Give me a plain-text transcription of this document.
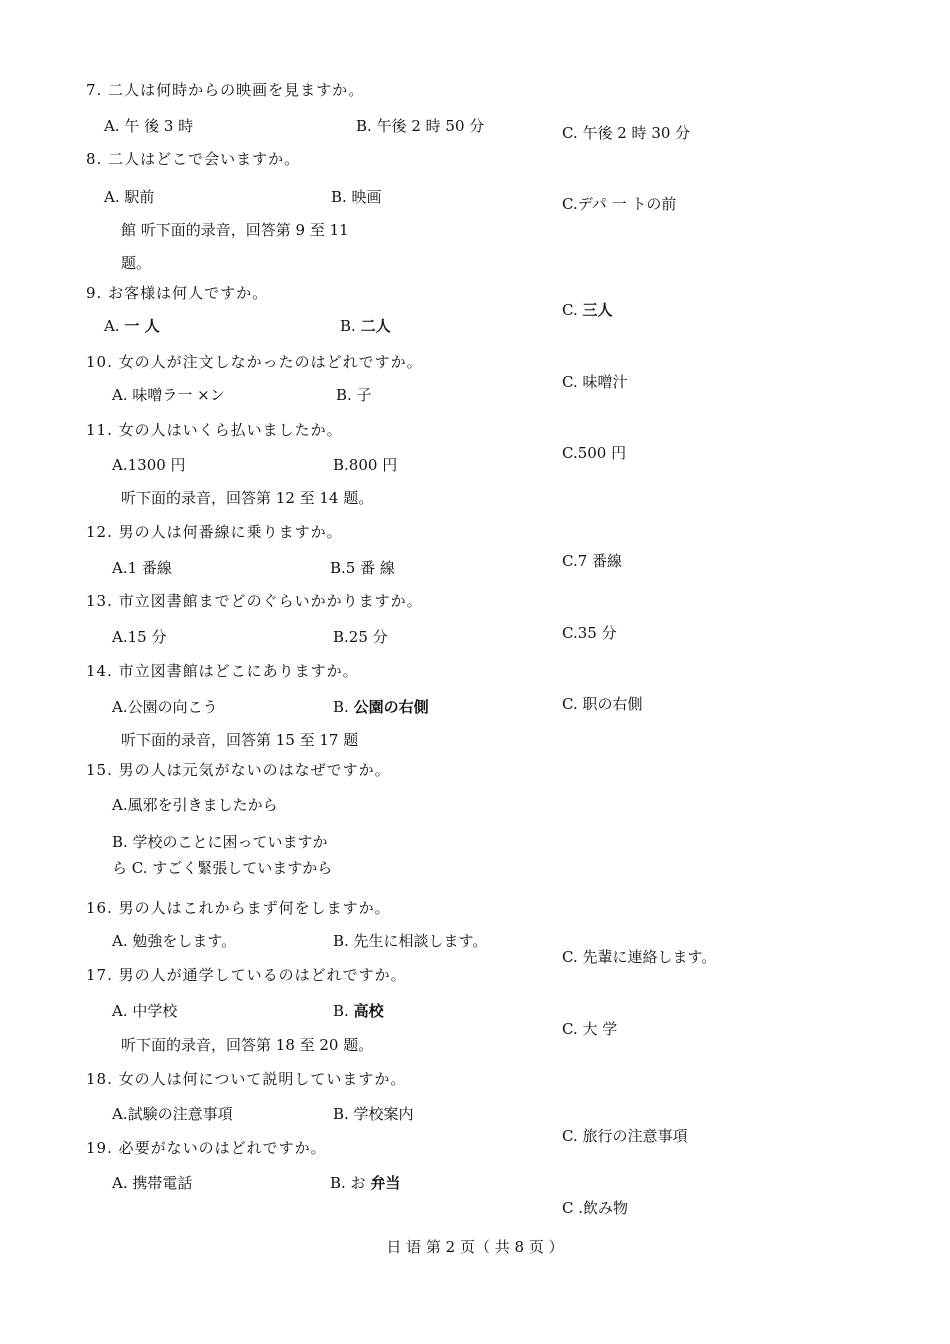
7. 二人は何時からの映画を見ますか。
A. 午 後 3 時	B. 午後 2 時 50 分	C. 午後 2 時 30 分
8. 二人はどこで会いますか。
A. 駅前	B. 映画	C.デパ 一 トの前
館 听下面的录音，回答第 9 至 11
题。
9. お客様は何人ですか。
A. 一 人	B. 二人
C. 三人
10. 女の人が注文しなかったのはどれですか。
A. 味噌ラ一 ×ン	B. 子
C. 味噌汁
11. 女の人はいくら払いましたか。
A.1300 円	B.800 円
C.500 円
听下面的录音，回答第 12 至 14 题。
12. 男の人は何番線に乗りますか。
A.1 番線	B.5 番 線	C.7 番線
13. 市立図書館までどのぐらいかかりますか。
A.15 分	B.25 分	C.35 分
14. 市立図書館はどこにありますか。
A.公園の向こう	B. 公園の右側	C. 职の右側
听下面的录音，回答第 15 至 17 题
15. 男の人は元気がないのはなぜですか。
A.風邪を引きましたから
B. 学校のことに困っていますか
ら C. すごく緊張していますから
16. 男の人はこれからまず何をしますか。
A. 勉強をします。	B. 先生に相談します。
C. 先輩に連絡します。
17. 男の人が通学しているのはどれですか。
A. 中学校	B. 高校
C. 大 学
听下面的录音，回答第 18 至 20 题。
18. 女の人は何について説明していますか。
A.試験の注意事項	B. 学校案内
C. 旅行の注意事項
19. 必要がないのはどれですか。
A. 携帯電話	B. お 弁当
C .飲み物
日 语 第 2 页（ 共 8 页 ）
